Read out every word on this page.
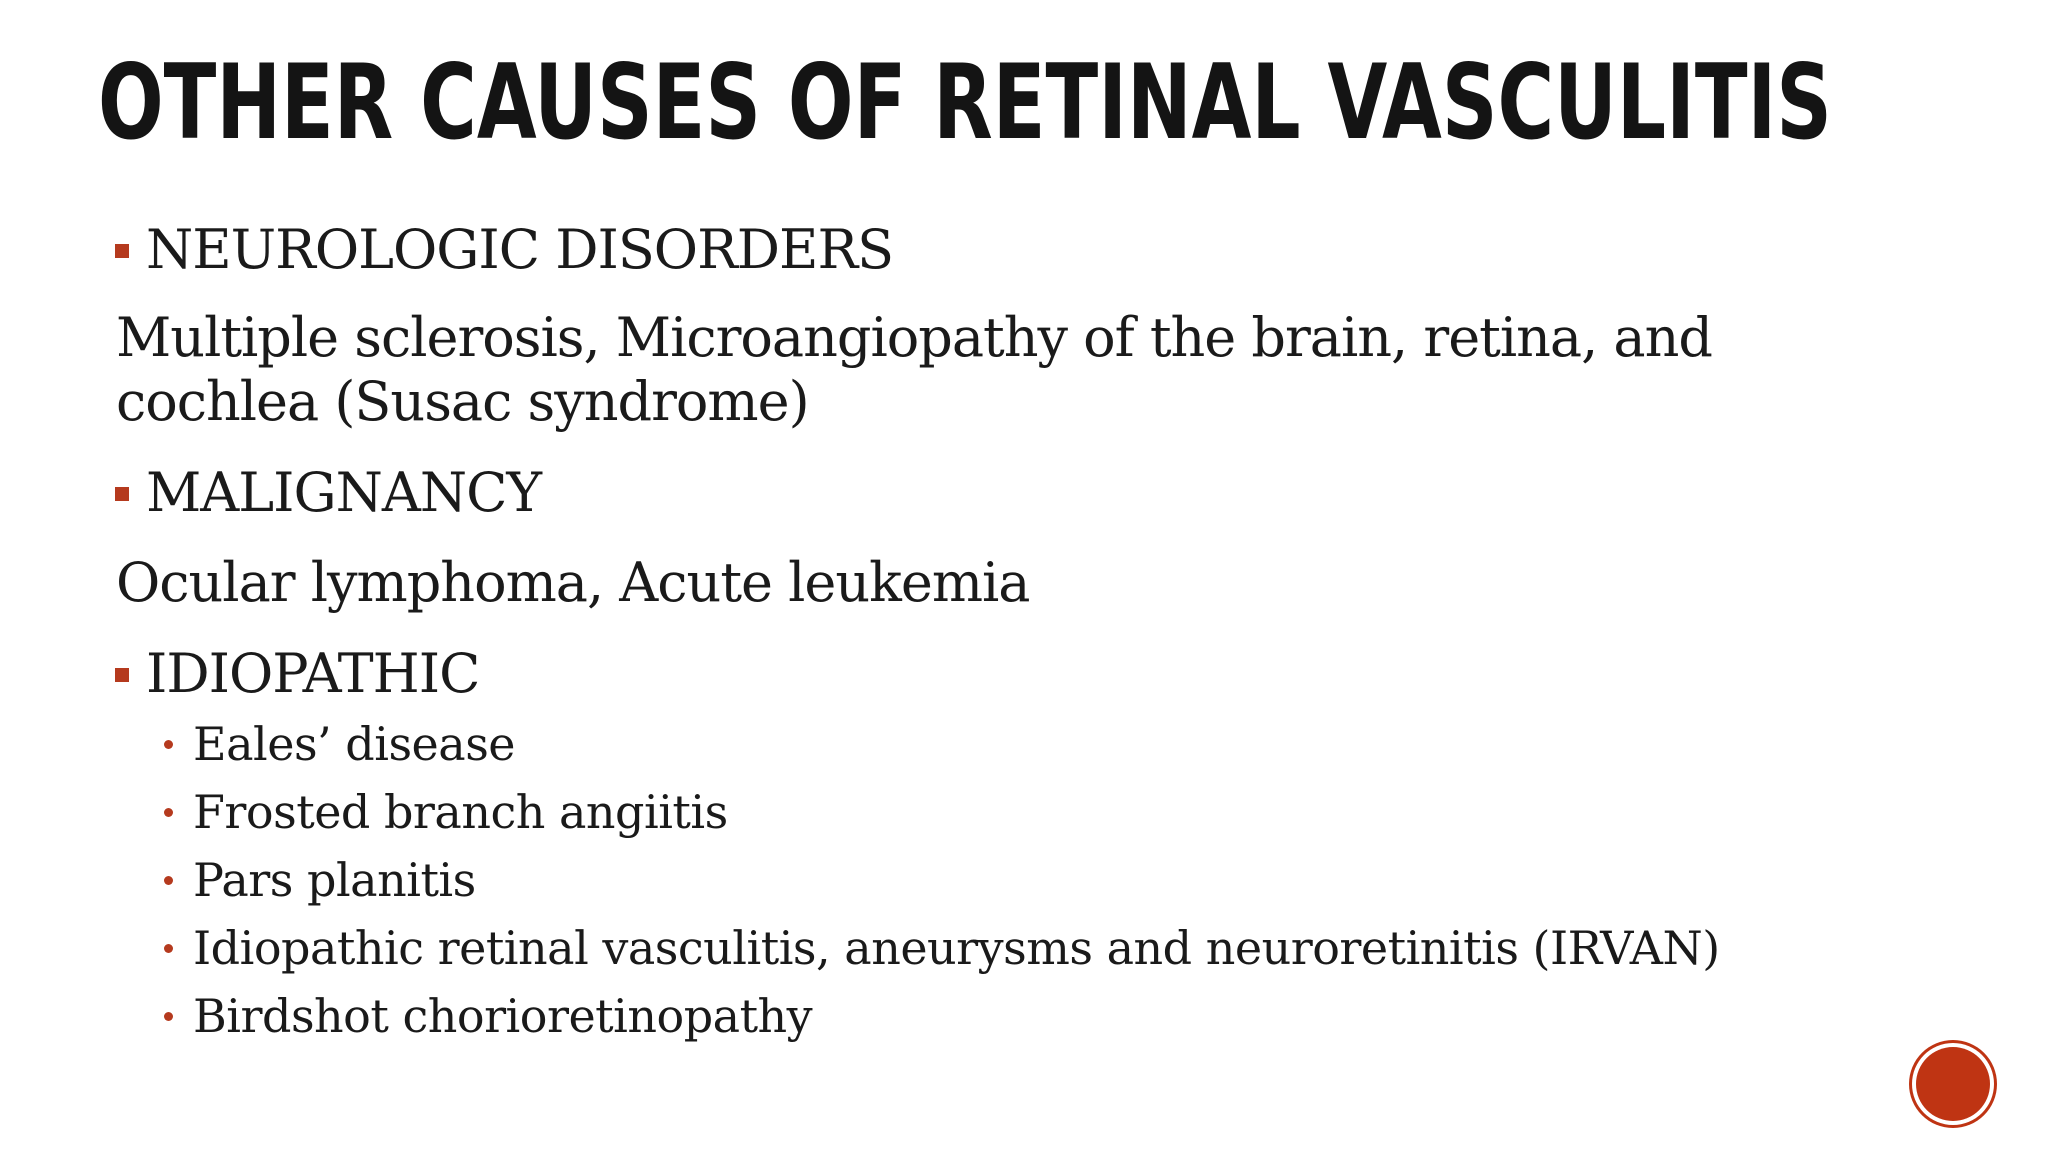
OTHER CAUSES OF RETINAL VASCULITIS
NEUROLOGIC DISORDERS
Multiple sclerosis, Microangiopathy of the brain, retina, and
cochlea (Susac syndrome)
MALIGNANCY
Ocular lymphoma, Acute leukemia
IDIOPATHIC
Eales’ disease
Frosted branch angiitis
Pars planitis
Idiopathic retinal vasculitis, aneurysms and neuroretinitis (IRVAN)
Birdshot chorioretinopathy
